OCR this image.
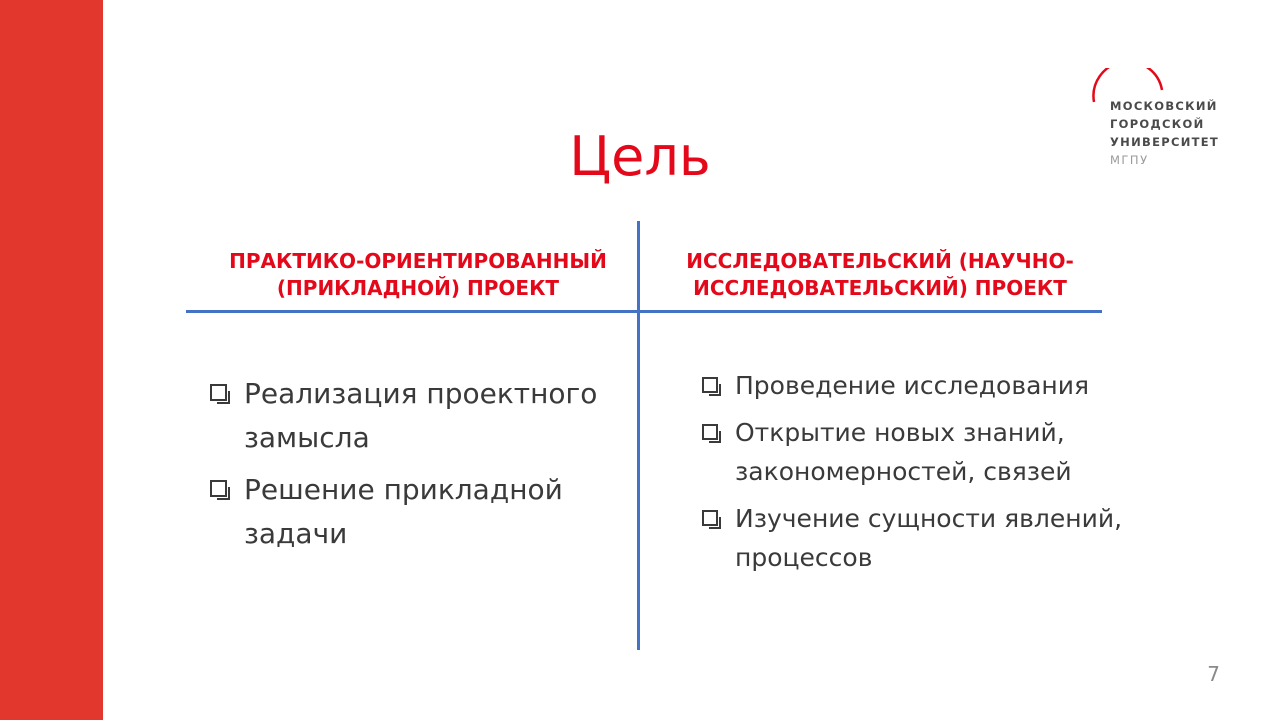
МОСКОВСКИЙ
ГОРОДСКОЙ
УНИВЕРСИТЕТ
МГПУ
Цель
ПРАКТИКО-ОРИЕНТИРОВАННЫЙ (ПРИКЛАДНОЙ) ПРОЕКТ
ИССЛЕДОВАТЕЛЬСКИЙ (НАУЧНО-ИССЛЕДОВАТЕЛЬСКИЙ) ПРОЕКТ
Реализация проектного замысла
Решение прикладной задачи
Проведение исследования
Открытие новых знаний, закономерностей, связей
Изучение сущности явлений, процессов
7
